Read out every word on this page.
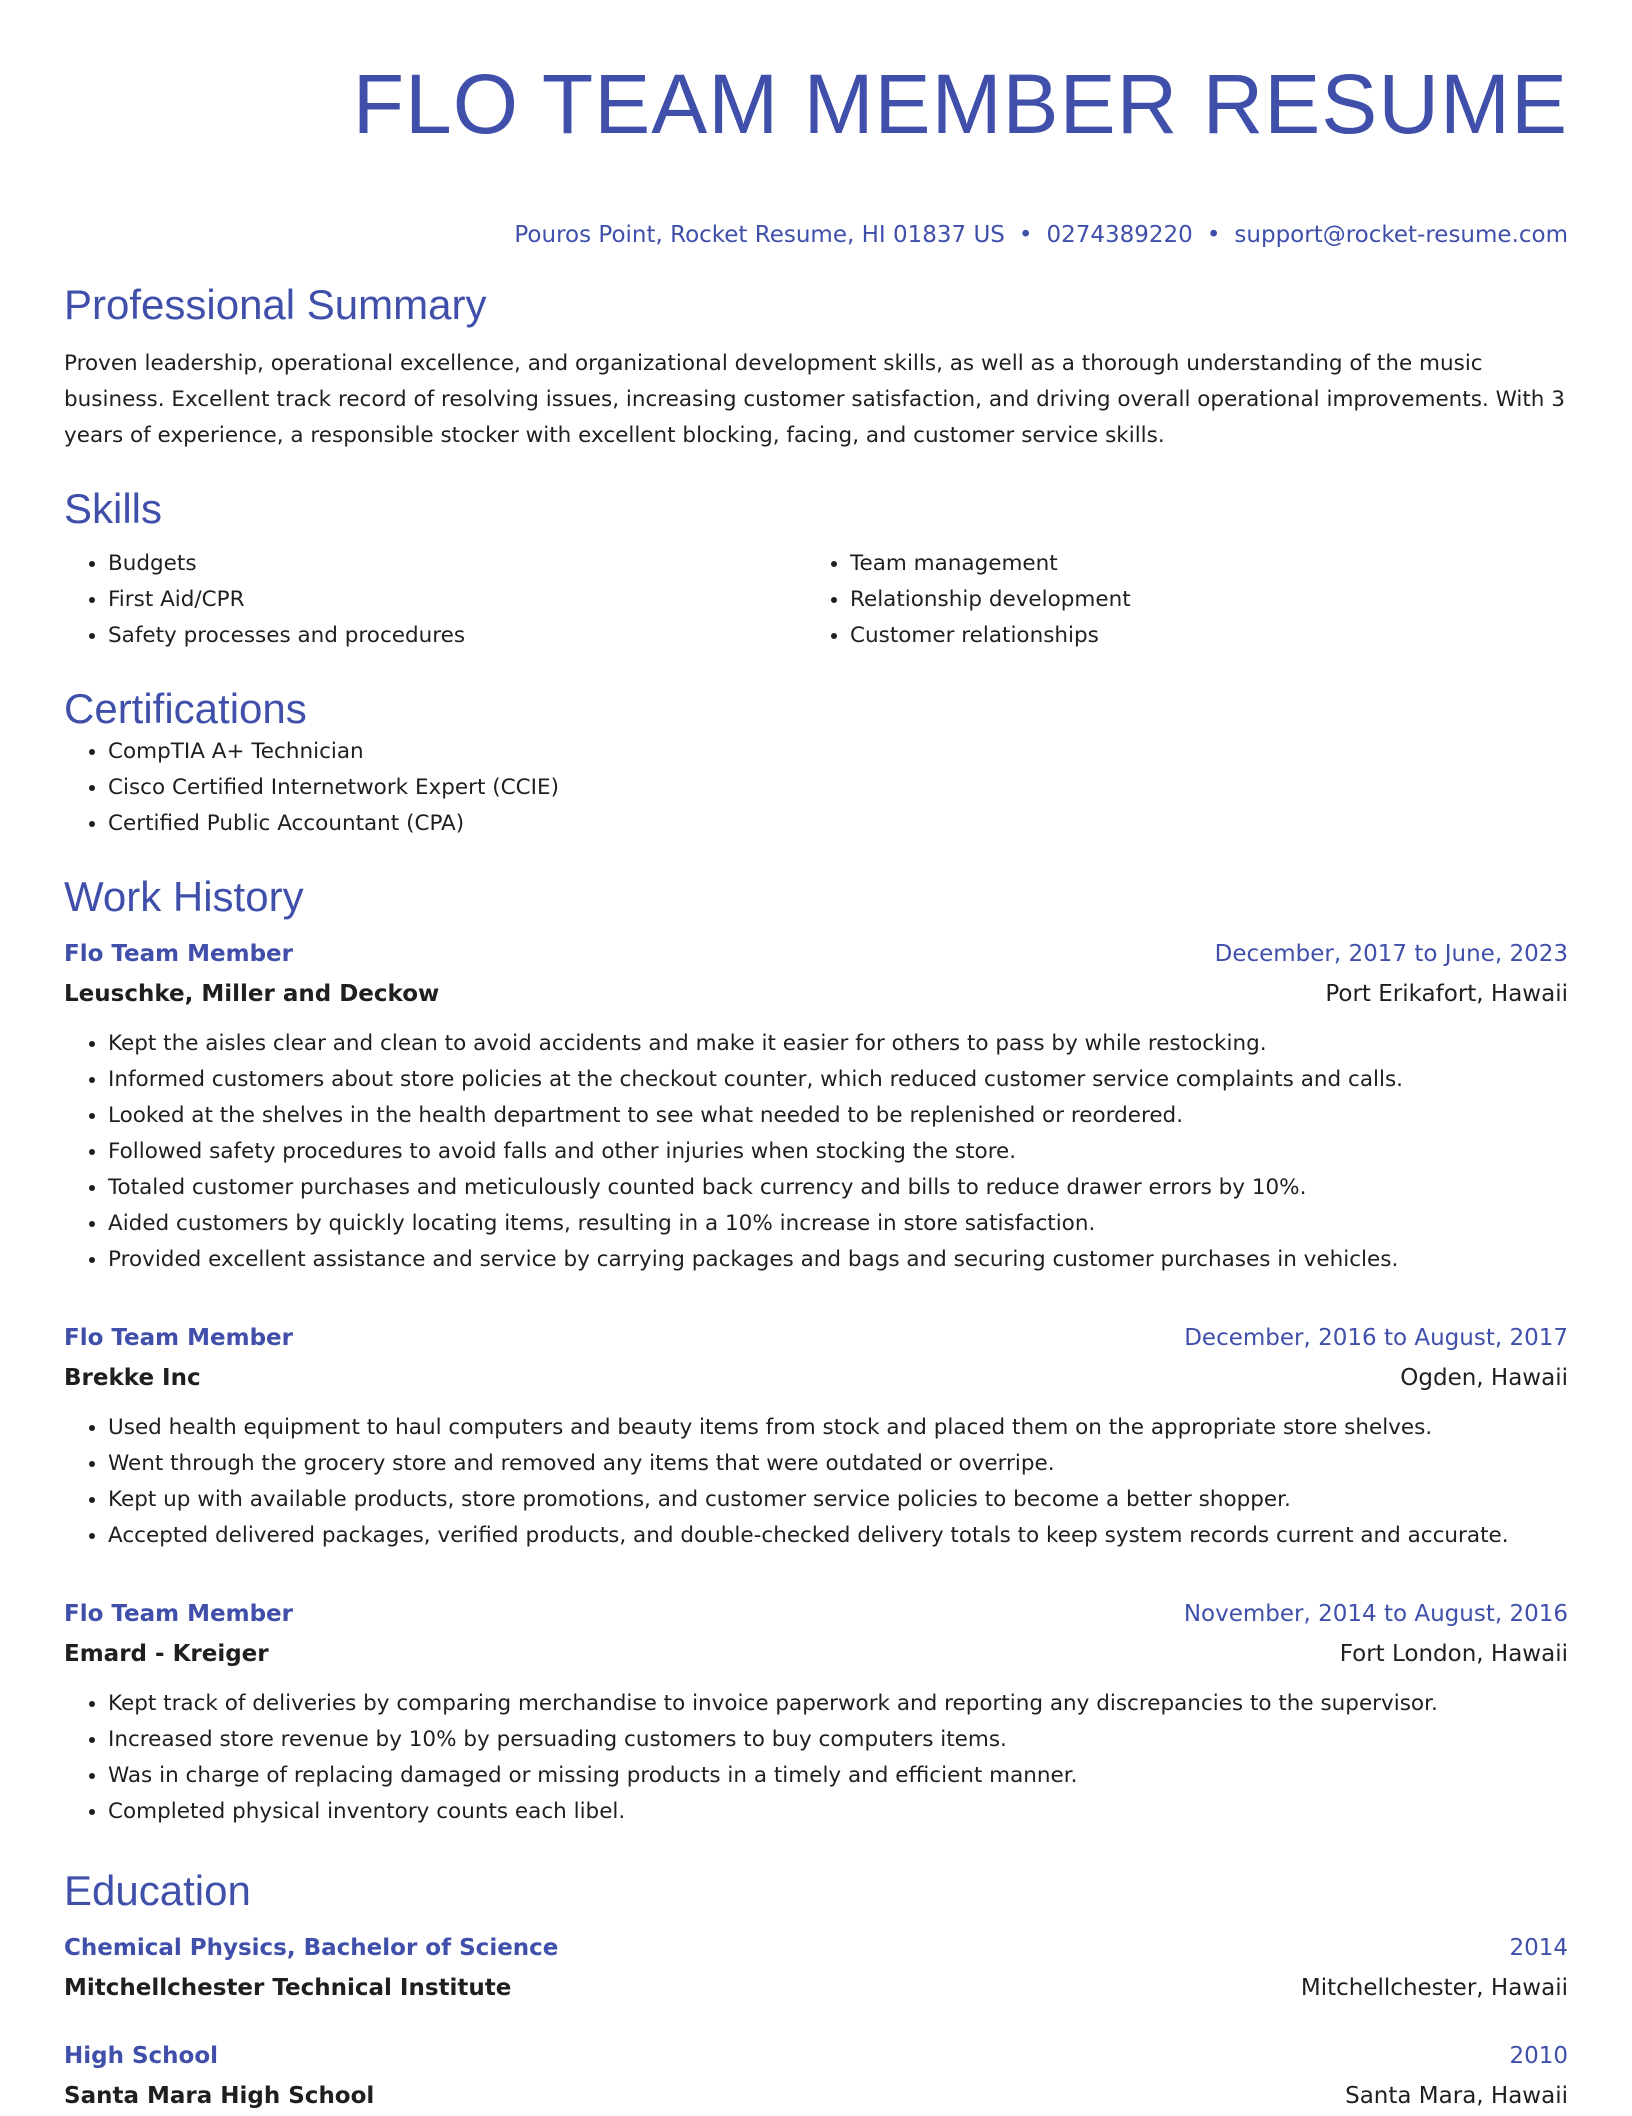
FLO TEAM MEMBER RESUME
Pouros Point, Rocket Resume, HI 01837 US • 0274389220 • support@rocket-resume.com
Professional Summary

Proven leadership, operational excellence, and organizational development skills, as well as a thorough understanding of the music business. Excellent track record of resolving issues, increasing customer satisfaction, and driving overall operational improvements. With 3 years of experience, a responsible stocker with excellent blocking, facing, and customer service skills.

Skills
• Budgets
• First Aid/CPR
• Safety processes and procedures
• Team management
• Relationship development
• Customer relationships
Certifications
• CompTIA A+ Technician
• Cisco Certified Internetwork Expert (CCIE)
• Certified Public Accountant (CPA)
Work History
Flo Team Member	December, 2017 to June, 2023
Leuschke, Miller and Deckow	Port Erikafort, Hawaii
• Kept the aisles clear and clean to avoid accidents and make it easier for others to pass by while restocking.
• Informed customers about store policies at the checkout counter, which reduced customer service complaints and calls.
• Looked at the shelves in the health department to see what needed to be replenished or reordered.
• Followed safety procedures to avoid falls and other injuries when stocking the store.
• Totaled customer purchases and meticulously counted back currency and bills to reduce drawer errors by 10%.
• Aided customers by quickly locating items, resulting in a 10% increase in store satisfaction.
• Provided excellent assistance and service by carrying packages and bags and securing customer purchases in vehicles.
Flo Team Member	December, 2016 to August, 2017
Brekke Inc	Ogden, Hawaii
• Used health equipment to haul computers and beauty items from stock and placed them on the appropriate store shelves.
• Went through the grocery store and removed any items that were outdated or overripe.
• Kept up with available products, store promotions, and customer service policies to become a better shopper.
• Accepted delivered packages, verified products, and double-checked delivery totals to keep system records current and accurate.
Flo Team Member	November, 2014 to August, 2016
Emard - Kreiger	Fort London, Hawaii
• Kept track of deliveries by comparing merchandise to invoice paperwork and reporting any discrepancies to the supervisor.
• Increased store revenue by 10% by persuading customers to buy computers items.
• Was in charge of replacing damaged or missing products in a timely and efficient manner.
• Completed physical inventory counts each libel.
Education
Chemical Physics, Bachelor of Science	2014
Mitchellchester Technical Institute	Mitchellchester, Hawaii
High School	2010
Santa Mara High School	Santa Mara, Hawaii
